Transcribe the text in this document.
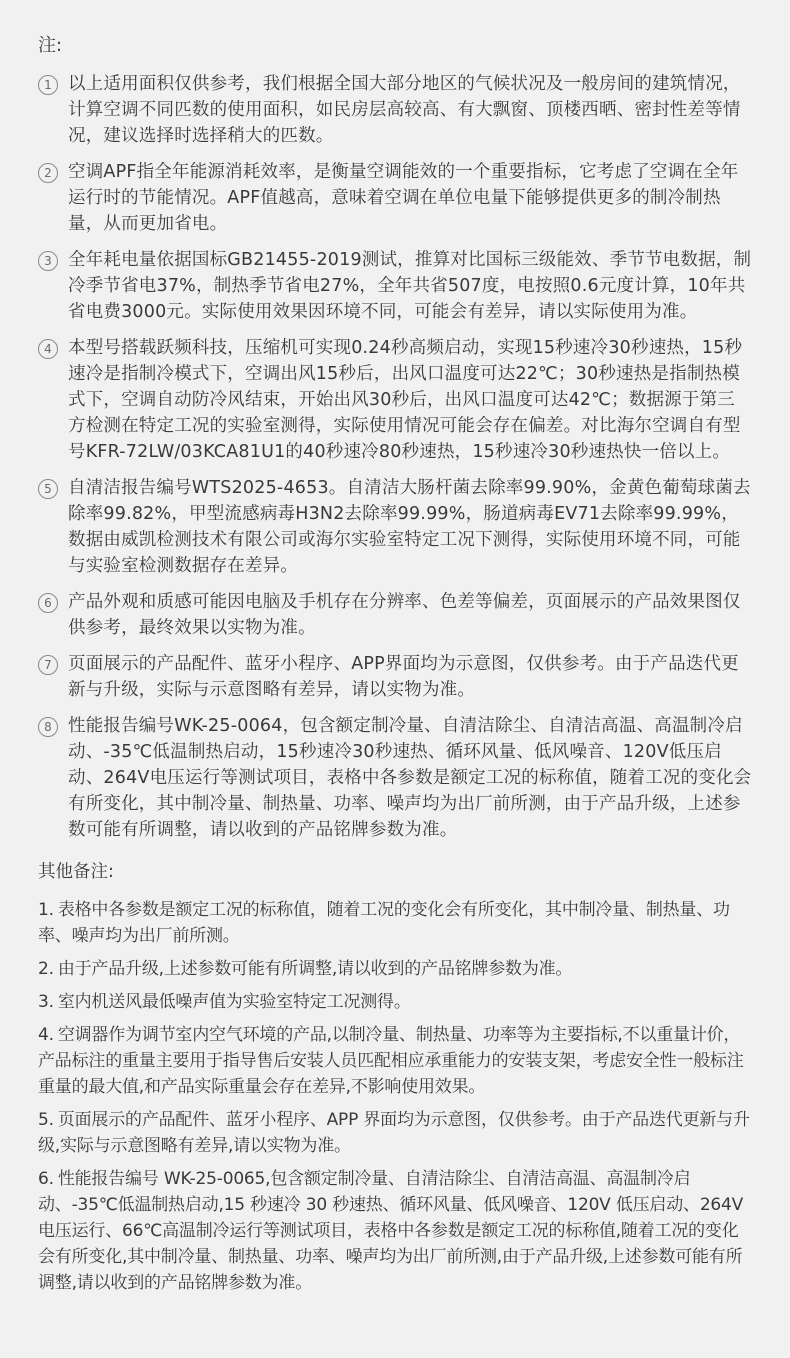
注:

1 以上适用面积仅供参考，我们根据全国大部分地区的气候状况及一般房间的建筑情况，计算空调不同匹数的使用面积，如民房层高较高、有大飘窗、顶楼西晒、密封性差等情况，建议选择时选择稍大的匹数。
2 空调APF指全年能源消耗效率，是衡量空调能效的一个重要指标，它考虑了空调在全年运行时的节能情况。APF值越高，意味着空调在单位电量下能够提供更多的制冷制热量，从而更加省电。
3 全年耗电量依据国标GB21455-2019测试，推算对比国标三级能效、季节节电数据，制冷季节省电37%，制热季节省电27%，全年共省507度，电按照0.6元度计算，10年共省电费3000元。实际使用效果因环境不同，可能会有差异，请以实际使用为准。
4 本型号搭载跃频科技，压缩机可实现0.24秒高频启动，实现15秒速冷30秒速热，15秒速冷是指制冷模式下，空调出风15秒后，出风口温度可达22℃；30秒速热是指制热模式下，空调自动防冷风结束，开始出风30秒后，出风口温度可达42℃；数据源于第三方检测在特定工况的实验室测得，实际使用情况可能会存在偏差。对比海尔空调自有型号KFR-72LW/03KCA81U1的40秒速冷80秒速热，15秒速冷30秒速热快一倍以上。
5 自清洁报告编号WTS2025-4653。自清洁大肠杆菌去除率99.90%，金黄色葡萄球菌去除率99.82%，甲型流感病毒H3N2去除率99.99%，肠道病毒EV71去除率99.99%，数据由威凯检测技术有限公司或海尔实验室特定工况下测得，实际使用环境不同，可能与实验室检测数据存在差异。
6 产品外观和质感可能因电脑及手机存在分辨率、色差等偏差，页面展示的产品效果图仅供参考，最终效果以实物为准。
7 页面展示的产品配件、蓝牙小程序、APP界面均为示意图，仅供参考。由于产品迭代更新与升级，实际与示意图略有差异，请以实物为准。
8 性能报告编号WK-25-0064，包含额定制冷量、自清洁除尘、自清洁高温、高温制冷启动、-35℃低温制热启动，15秒速冷30秒速热、循环风量、低风噪音、120V低压启动、264V电压运行等测试项目，表格中各参数是额定工况的标称值，随着工况的变化会有所变化，其中制冷量、制热量、功率、噪声均为出厂前所测，由于产品升级，上述参数可能有所调整，请以收到的产品铭牌参数为准。

其他备注:

1. 表格中各参数是额定工况的标称值，随着工况的变化会有所变化，其中制冷量、制热量、功率、噪声均为出厂前所测。
2. 由于产品升级,上述参数可能有所调整,请以收到的产品铭牌参数为准。
3. 室内机送风最低噪声值为实验室特定工况测得。
4. 空调器作为调节室内空气环境的产品,以制冷量、制热量、功率等为主要指标,不以重量计价，产品标注的重量主要用于指导售后安装人员匹配相应承重能力的安装支架，考虑安全性一般标注重量的最大值,和产品实际重量会存在差异,不影响使用效果。
5. 页面展示的产品配件、蓝牙小程序、APP 界面均为示意图，仅供参考。由于产品迭代更新与升级,实际与示意图略有差异,请以实物为准。
6. 性能报告编号 WK-25-0065,包含额定制冷量、自清洁除尘、自清洁高温、高温制冷启动、-35℃低温制热启动,15 秒速冷 30 秒速热、循环风量、低风噪音、120V 低压启动、264V 电压运行、66℃高温制冷运行等测试项目，表格中各参数是额定工况的标称值,随着工况的变化会有所变化,其中制冷量、制热量、功率、噪声均为出厂前所测,由于产品升级,上述参数可能有所调整,请以收到的产品铭牌参数为准。
